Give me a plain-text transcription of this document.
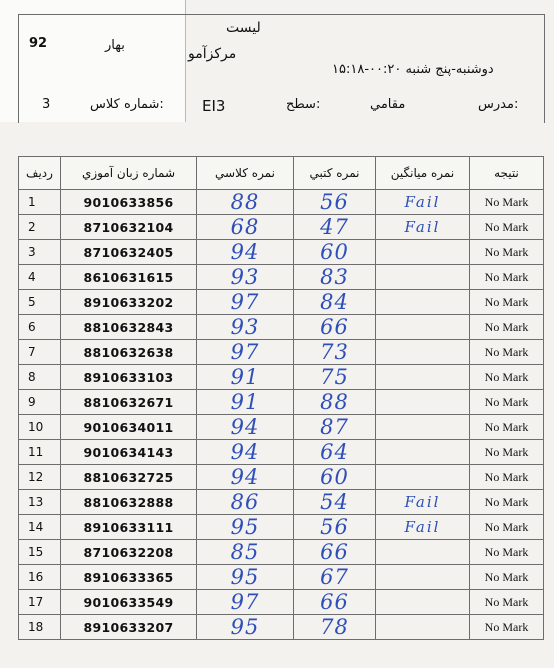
لیست
مرکزآمو
92	بهار
دوشنبه-پنج شنبه ۰۰:۲۰-۱۵:۱۸
3	شماره کلاس:	EI3	سطح:	مقامي	مدرس:
ردیف	شماره زبان آموزي	نمره كلاسي	نمره كتبي	نمره ميانگين	نتيجه
1	9010633856	88	56	Fail	No Mark
2	8710632104	68	47	Fail	No Mark
3	8710632405	94	60		No Mark
4	8610631615	93	83		No Mark
5	8910633202	97	84		No Mark
6	8810632843	93	66		No Mark
7	8810632638	97	73		No Mark
8	8910633103	91	75		No Mark
9	8810632671	91	88		No Mark
10	9010634011	94	87		No Mark
11	9010634143	94	64		No Mark
12	8810632725	94	60		No Mark
13	8810632888	86	54	Fail	No Mark
14	8910633111	95	56	Fail	No Mark
15	8710632208	85	66		No Mark
16	8910633365	95	67		No Mark
17	9010633549	97	66		No Mark
18	8910633207	95	78		No Mark
